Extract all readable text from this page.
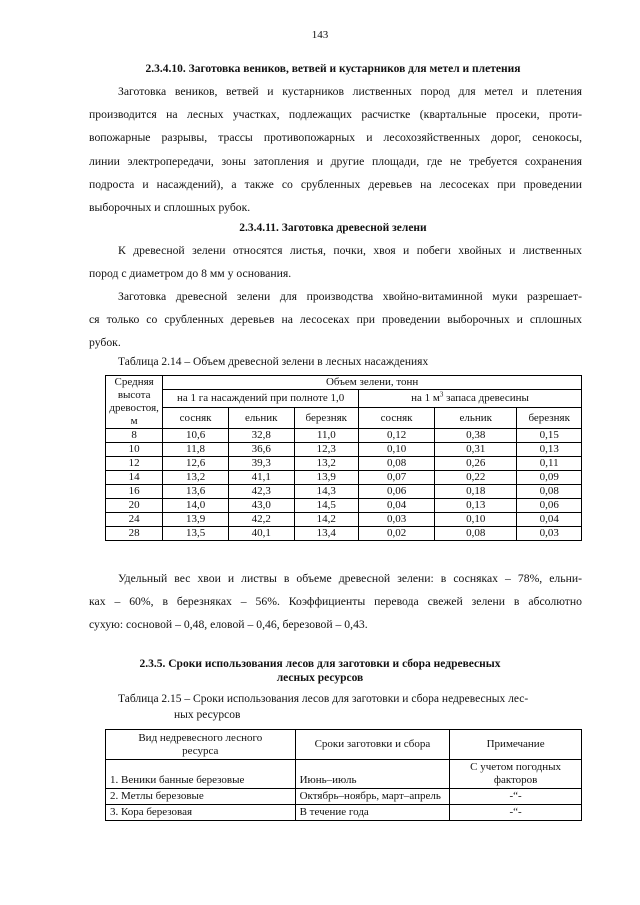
143
2.3.4.10. Заготовка веников, ветвей и кустарников для метел и плетения
Заготовка веников, ветвей и кустарников лиственных пород для метел и плетения
производится на лесных участках, подлежащих расчистке (квартальные просеки, проти-
вопожарные разрывы, трассы противопожарных и лесохозяйственных дорог, сенокосы,
линии электропередачи, зоны затопления и другие площади, где не требуется сохранения
подроста и насаждений), а также со срубленных деревьев на лесосеках при проведении
выборочных и сплошных рубок.
2.3.4.11. Заготовка древесной зелени
К древесной зелени относятся листья, почки, хвоя и побеги хвойных и лиственных
пород с диаметром до 8 мм у основания.
Заготовка древесной зелени для производства хвойно-витаминной муки разрешает-
ся только со срубленных деревьев на лесосеках при проведении выборочных и сплошных
рубок.
Таблица 2.14 – Объем древесной зелени в лесных насаждениях
Средняя
высота
древостоя,
м	Объем зелени, тонн					
	на 1 га насаждений при полноте 1,0			на 1 $м^3$ запаса древесины		
	сосняк	ельник	березняк	сосняк	ельник	березняк
8	10,6	32,8	11,0	0,12	0,38	0,15
10	11,8	36,6	12,3	0,10	0,31	0,13
12	12,6	39,3	13,2	0,08	0,26	0,11
14	13,2	41,1	13,9	0,07	0,22	0,09
16	13,6	42,3	14,3	0,06	0,18	0,08
20	14,0	43,0	14,5	0,04	0,13	0,06
24	13,9	42,2	14,2	0,03	0,10	0,04
28	13,5	40,1	13,4	0,02	0,08	0,03
Удельный вес хвои и листвы в объеме древесной зелени: в сосняках – 78%, ельни-
ках – 60%, в березняках – 56%. Коэффициенты перевода свежей зелени в абсолютно
сухую: сосновой – 0,48, еловой – 0,46, березовой – 0,43.
2.3.5. Сроки использования лесов для заготовки и сбора недревесных
лесных ресурсов
Таблица 2.15 – Сроки использования лесов для заготовки и сбора недревесных лес-
ных ресурсов
Вид недревесного лесного
ресурса	Сроки заготовки и сбора	Примечание
1. Веники банные березовые	Июнь–июль	С учетом погодных факторов
2. Метлы березовые	Октябрь–ноябрь, март–апрель	-“-
3. Кора березовая	В течение года	-“-
